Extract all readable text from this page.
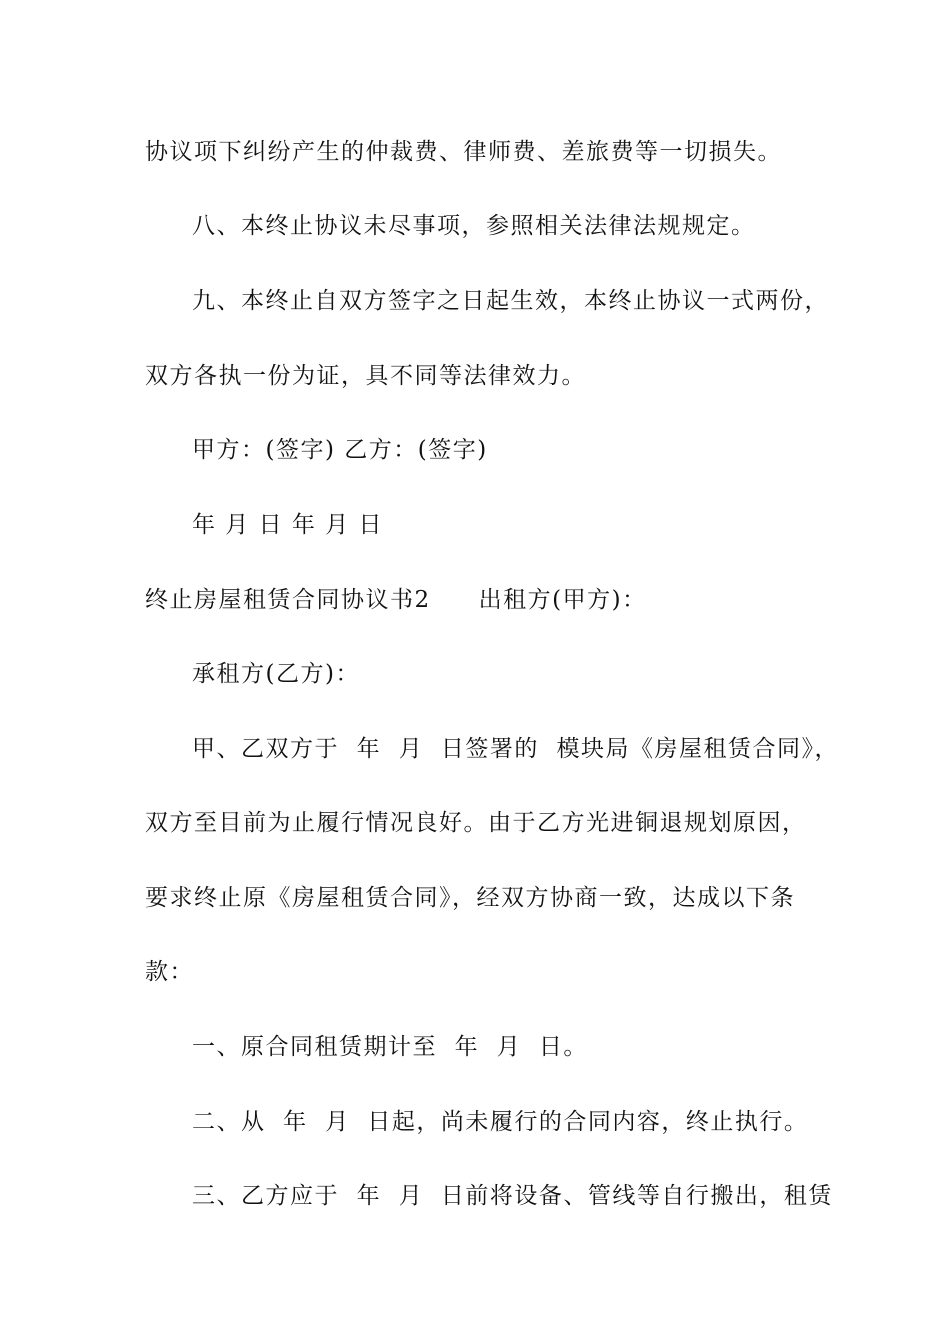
协议项下纠纷产生的仲裁费、律师费、差旅费等一切损失。
八、本终止协议未尽事项，参照相关法律法规规定。
九、本终止自双方签字之日起生效，本终止协议一式两份，
双方各执一份为证，具不同等法律效力。
甲方：(签字) 乙方：(签字)
年 月 日 年 月 日
终止房屋租赁合同协议书2 出租方(甲方)：
承租方(乙方)：
甲、乙双方于  年  月  日签署的  模块局《房屋租赁合同》，
双方至目前为止履行情况良好。由于乙方光进铜退规划原因，
要求终止原《房屋租赁合同》，经双方协商一致，达成以下条
款：
一、原合同租赁期计至  年  月  日。
二、从  年  月  日起，尚未履行的合同内容，终止执行。
三、乙方应于  年  月  日前将设备、管线等自行搬出，租赁
